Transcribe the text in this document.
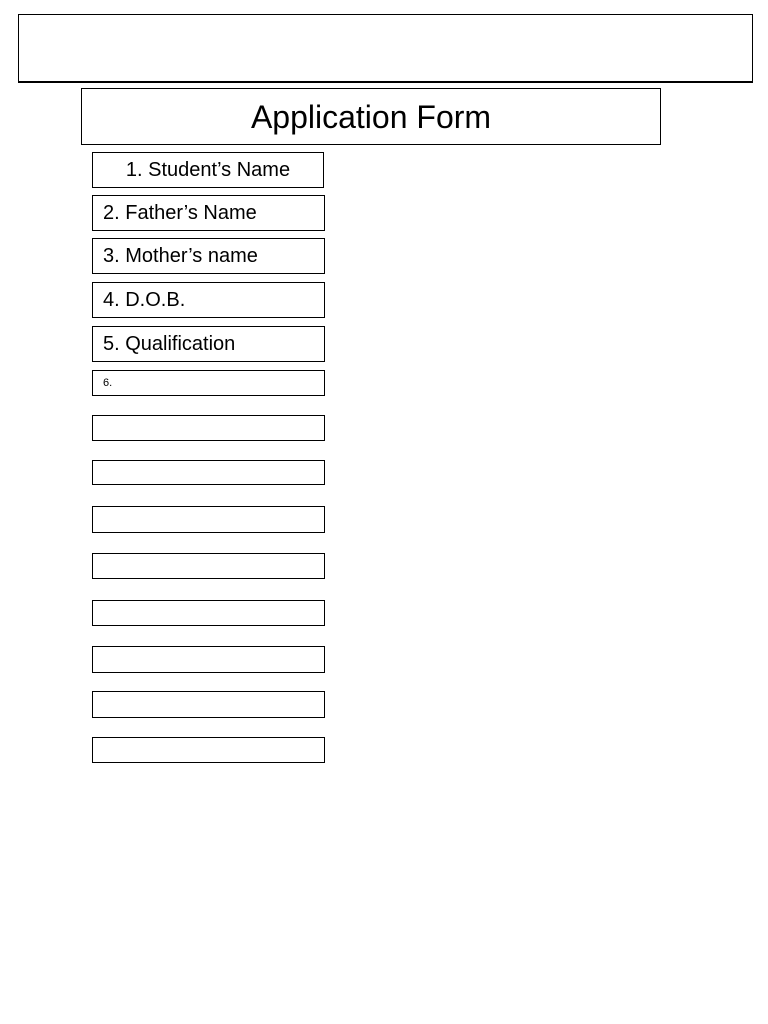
Application Form
1. Student’s Name
2. Father’s Name
3. Mother’s name
4. D.O.B.
5. Qualification
6.
